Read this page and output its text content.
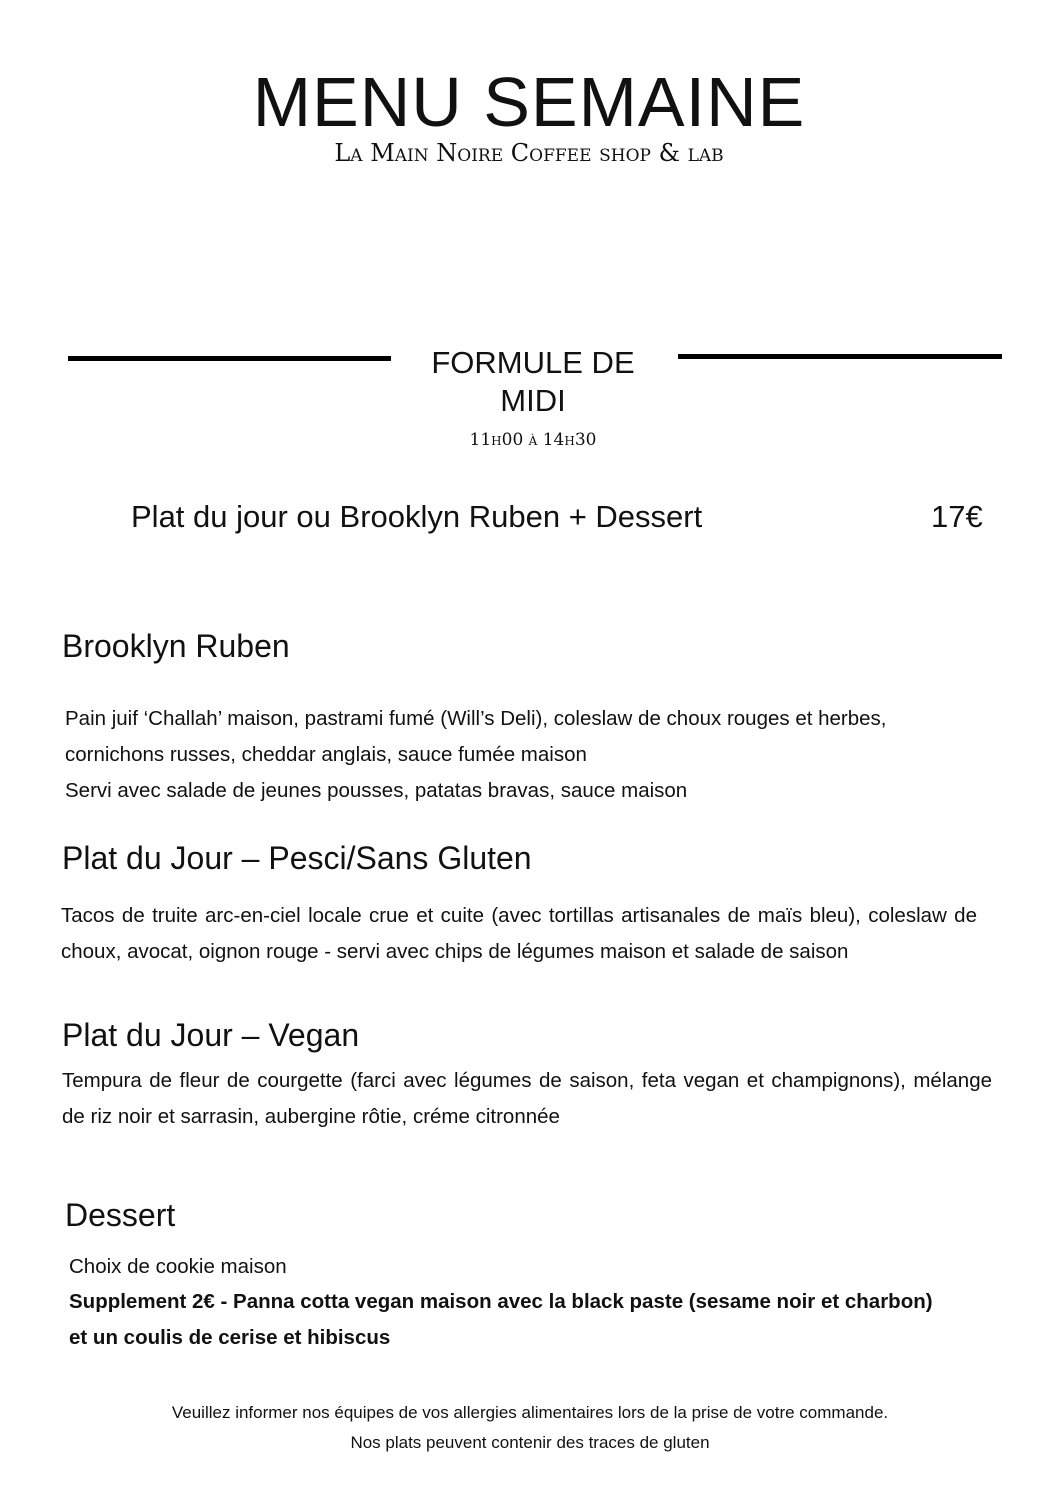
MENU SEMAINE
La Main Noire Coffee shop & lab
FORMULE DE
MIDI
11h00 à 14h30
Plat du jour ou Brooklyn Ruben + Dessert	17€
Brooklyn Ruben
Pain juif ‘Challah’ maison, pastrami fumé (Will’s Deli), coleslaw de choux rouges et herbes,
cornichons russes, cheddar anglais, sauce fumée maison
Servi avec salade de jeunes pousses, patatas bravas, sauce maison
Plat du Jour – Pesci/Sans Gluten
Tacos de truite arc-en-ciel locale crue et cuite (avec tortillas artisanales de maïs bleu), coleslaw de choux, avocat, oignon rouge - servi avec chips de légumes maison et salade de saison
Plat du Jour – Vegan
Tempura de fleur de courgette (farci avec légumes de saison, feta vegan et champignons), mélange de riz noir et sarrasin, aubergine rôtie, créme citronnée
Dessert
Choix de cookie maison
Supplement 2€ - Panna cotta vegan maison avec la black paste (sesame noir et charbon) et un coulis de cerise et hibiscus
Veuillez informer nos équipes de vos allergies alimentaires lors de la prise de votre commande.
Nos plats peuvent contenir des traces de gluten
